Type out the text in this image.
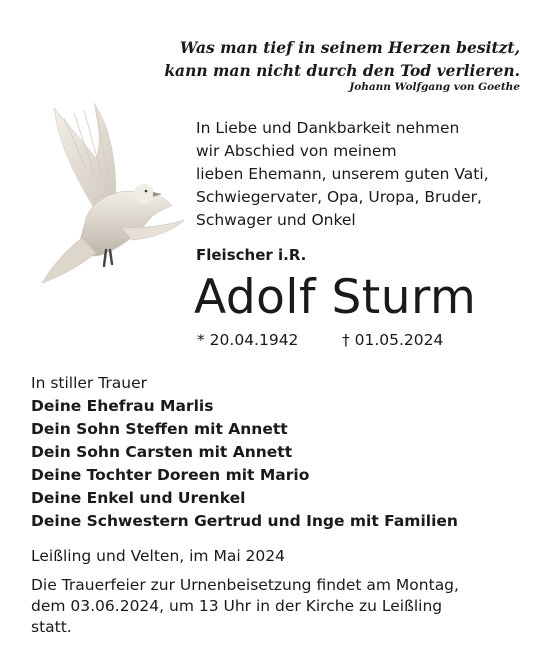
Was man tief in seinem Herzen besitzt,
kann man nicht durch den Tod verlieren.
Johann Wolfgang von Goethe
In Liebe und Dankbarkeit nehmen
wir Abschied von meinem
lieben Ehemann, unserem guten Vati,
Schwiegervater, Opa, Uropa, Bruder,
Schwager und Onkel
Fleischer i.R.
Adolf Sturm
* 20.04.1942	† 01.05.2024
In stiller Trauer
Deine Ehefrau Marlis
Dein Sohn Steffen mit Annett
Dein Sohn Carsten mit Annett
Deine Tochter Doreen mit Mario
Deine Enkel und Urenkel
Deine Schwestern Gertrud und Inge mit Familien
Leißling und Velten, im Mai 2024
Die Trauerfeier zur Urnenbeisetzung findet am Montag,
dem 03.06.2024, um 13 Uhr in der Kirche zu Leißling
statt.
